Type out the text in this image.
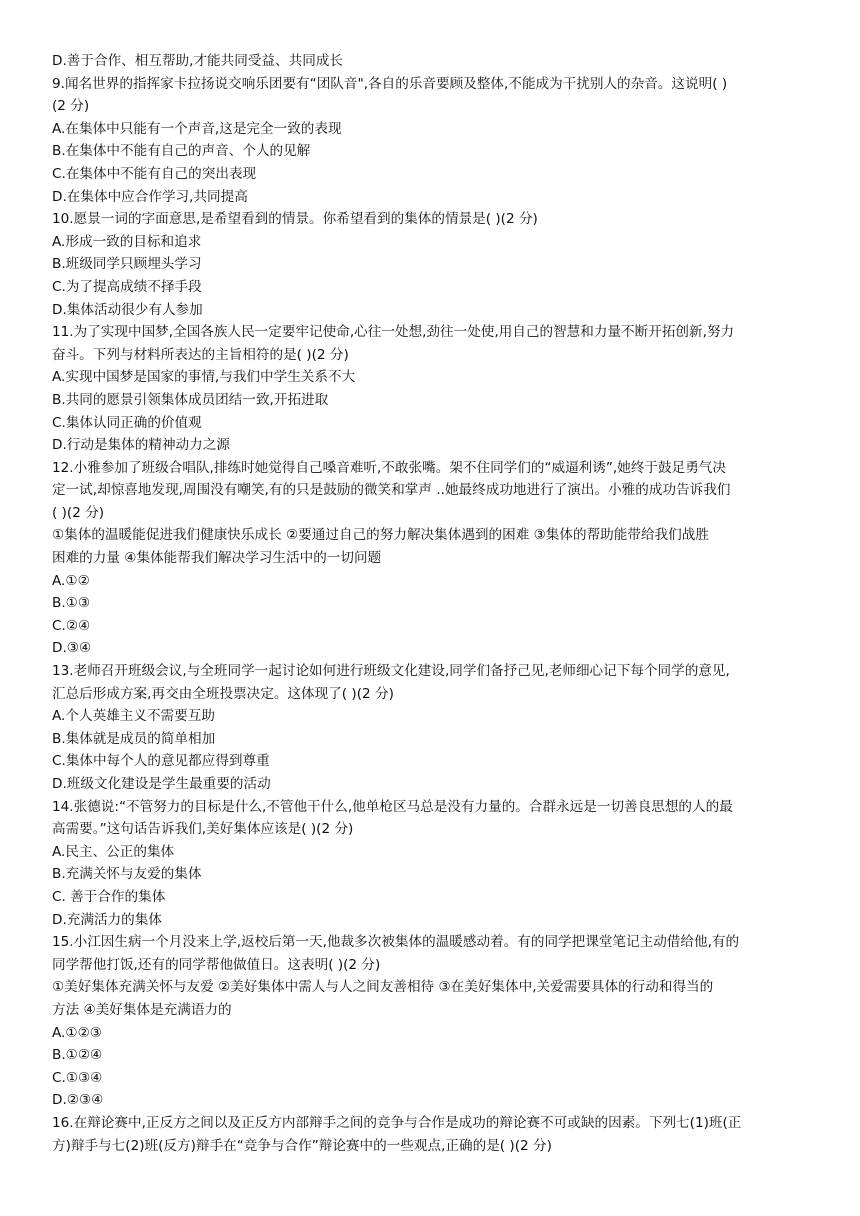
D.善于合作、相互帮助,才能共同受益、共同成长
9.闻名世界的指挥家卡拉扬说交响乐团要有“团队音",各自的乐音要顾及整体,不能成为干扰别人的杂音。这说明( )
(2 分)
A.在集体中只能有一个声音,这是完全一致的表现
B.在集体中不能有自己的声音、个人的见解
C.在集体中不能有自己的突出表现
D.在集体中应合作学习,共同提高
10.愿景一词的字面意思,是希望看到的情景。你希望看到的集体的情景是( )(2 分)
A.形成一致的目标和追求
B.班级同学只顾埋头学习
C.为了提高成绩不择手段
D.集体活动很少有人参加
11.为了实现中国梦,全国各族人民一定要牢记使命,心往一处想,劲往一处使,用自己的智慧和力量不断开拓创新,努力
奋斗。下列与材料所表达的主旨相符的是( )(2 分)
A.实现中国梦是国家的事情,与我们中学生关系不大
B.共同的愿景引领集体成员团结一致,开拓进取
C.集体认同正确的价值观
D.行动是集体的精神动力之源
12.小雅参加了班级合唱队,排练时她觉得自己嗓音难听,不敢张嘴。架不住同学们的“威逼利诱”,她终于鼓足勇气决
定一试,却惊喜地发现,周围没有嘲笑,有的只是鼓励的微笑和掌声 ..她最终成功地进行了演出。小雅的成功告诉我们
( )(2 分)
①集体的温暖能促进我们健康快乐成长 ②要通过自己的努力解决集体遇到的困难 ③集体的帮助能带给我们战胜
困难的力量 ④集体能帮我们解决学习生活中的一切问题
A.①②
B.①③
C.②④
D.③④
13.老师召开班级会议,与全班同学一起讨论如何进行班级文化建设,同学们备抒己见,老师细心记下每个同学的意见,
汇总后形成方案,再交由全班投票决定。这体现了( )(2 分)
A.个人英雄主义不需要互助
B.集体就是成员的简单相加
C.集体中每个人的意见都应得到尊重
D.班级文化建设是学生最重要的活动
14.张德说:“不管努力的目标是什么,不管他干什么,他单枪区马总是没有力量的。合群永远是一切善良思想的人的最
高需要。”这句话告诉我们,美好集体应该是( )(2 分)
A.民主、公正的集体
B.充满关怀与友爱的集体
C. 善于合作的集体
D.充满活力的集体
15.小江因生病一个月没来上学,返校后第一天,他裁多次被集体的温暖感动着。有的同学把课堂笔记主动借给他,有的
同学帮他打饭,还有的同学帮他做值日。这表明( )(2 分)
①美好集体充满关怀与友爱 ②美好集体中需人与人之间友善相待 ③在美好集体中,关爱需要具体的行动和得当的
方法 ④美好集体是充满语力的
A.①②③
B.①②④
C.①③④
D.②③④
16.在辩论赛中,正反方之间以及正反方内部辩手之间的竞争与合作是成功的辩论赛不可或缺的因素。下列七(1)班(正
方)辩手与七(2)班(反方)辩手在“竞争与合作”辩论赛中的一些观点,正确的是( )(2 分)
